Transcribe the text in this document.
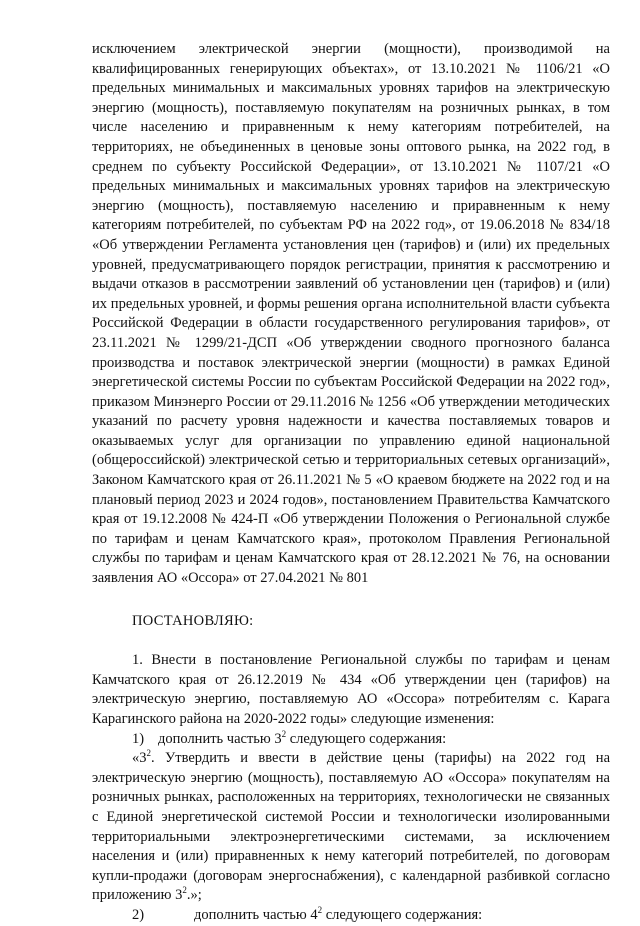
исключением электрической энергии (мощности), производимой на квалифицированных генерирующих объектах», от 13.10.2021 № 1106/21 «О предельных минимальных и максимальных уровнях тарифов на электрическую энергию (мощность), поставляемую покупателям на розничных рынках, в том числе населению и приравненным к нему категориям потребителей, на территориях, не объединенных в ценовые зоны оптового рынка, на 2022 год, в среднем по субъекту Российской Федерации», от 13.10.2021 № 1107/21 «О предельных минимальных и максимальных уровнях тарифов на электрическую энергию (мощность), поставляемую населению и приравненным к нему категориям потребителей, по субъектам РФ на 2022 год», от 19.06.2018 № 834/18 «Об утверждении Регламента установления цен (тарифов) и (или) их предельных уровней, предусматривающего порядок регистрации, принятия к рассмотрению и выдачи отказов в рассмотрении заявлений об установлении цен (тарифов) и (или) их предельных уровней, и формы решения органа исполнительной власти субъекта Российской Федерации в области государственного регулирования тарифов», от 23.11.2021 № 1299/21-ДСП «Об утверждении сводного прогнозного баланса производства и поставок электрической энергии (мощности) в рамках Единой энергетической системы России по субъектам Российской Федерации на 2022 год», приказом Минэнерго России от 29.11.2016 № 1256 «Об утверждении методических указаний по расчету уровня надежности и качества поставляемых товаров и оказываемых услуг для организации по управлению единой национальной (общероссийской) электрической сетью и территориальных сетевых организаций», Законом Камчатского края от 26.11.2021 № 5 «О краевом бюджете на 2022 год и на плановый период 2023 и 2024 годов», постановлением Правительства Камчатского края от 19.12.2008 № 424-П «Об утверждении Положения о Региональной службе по тарифам и ценам Камчатского края», протоколом Правления Региональной службы по тарифам и ценам Камчатского края от 28.12.2021 № 76, на основании заявления АО «Оссора» от 27.04.2021 № 801

ПОСТАНОВЛЯЮ:

1. Внести в постановление Региональной службы по тарифам и ценам Камчатского края от 26.12.2019 № 434 «Об утверждении цен (тарифов) на электрическую энергию, поставляемую АО «Оссора» потребителям с. Карага Карагинского района на 2020-2022 годы» следующие изменения:

1) дополнить частью $3^2$ следующего содержания:

«$3^2$. Утвердить и ввести в действие цены (тарифы) на 2022 год на электрическую энергию (мощность), поставляемую АО «Оссора» покупателям на розничных рынках, расположенных на территориях, технологически не связанных с Единой энергетической системой России и технологически изолированными территориальными электроэнергетическими системами, за исключением населения и (или) приравненных к нему категорий потребителей, по договорам купли-продажи (договорам энергоснабжения), с календарной разбивкой согласно приложению $3^2$.»;

2)	дополнить частью $4^2$ следующего содержания:
